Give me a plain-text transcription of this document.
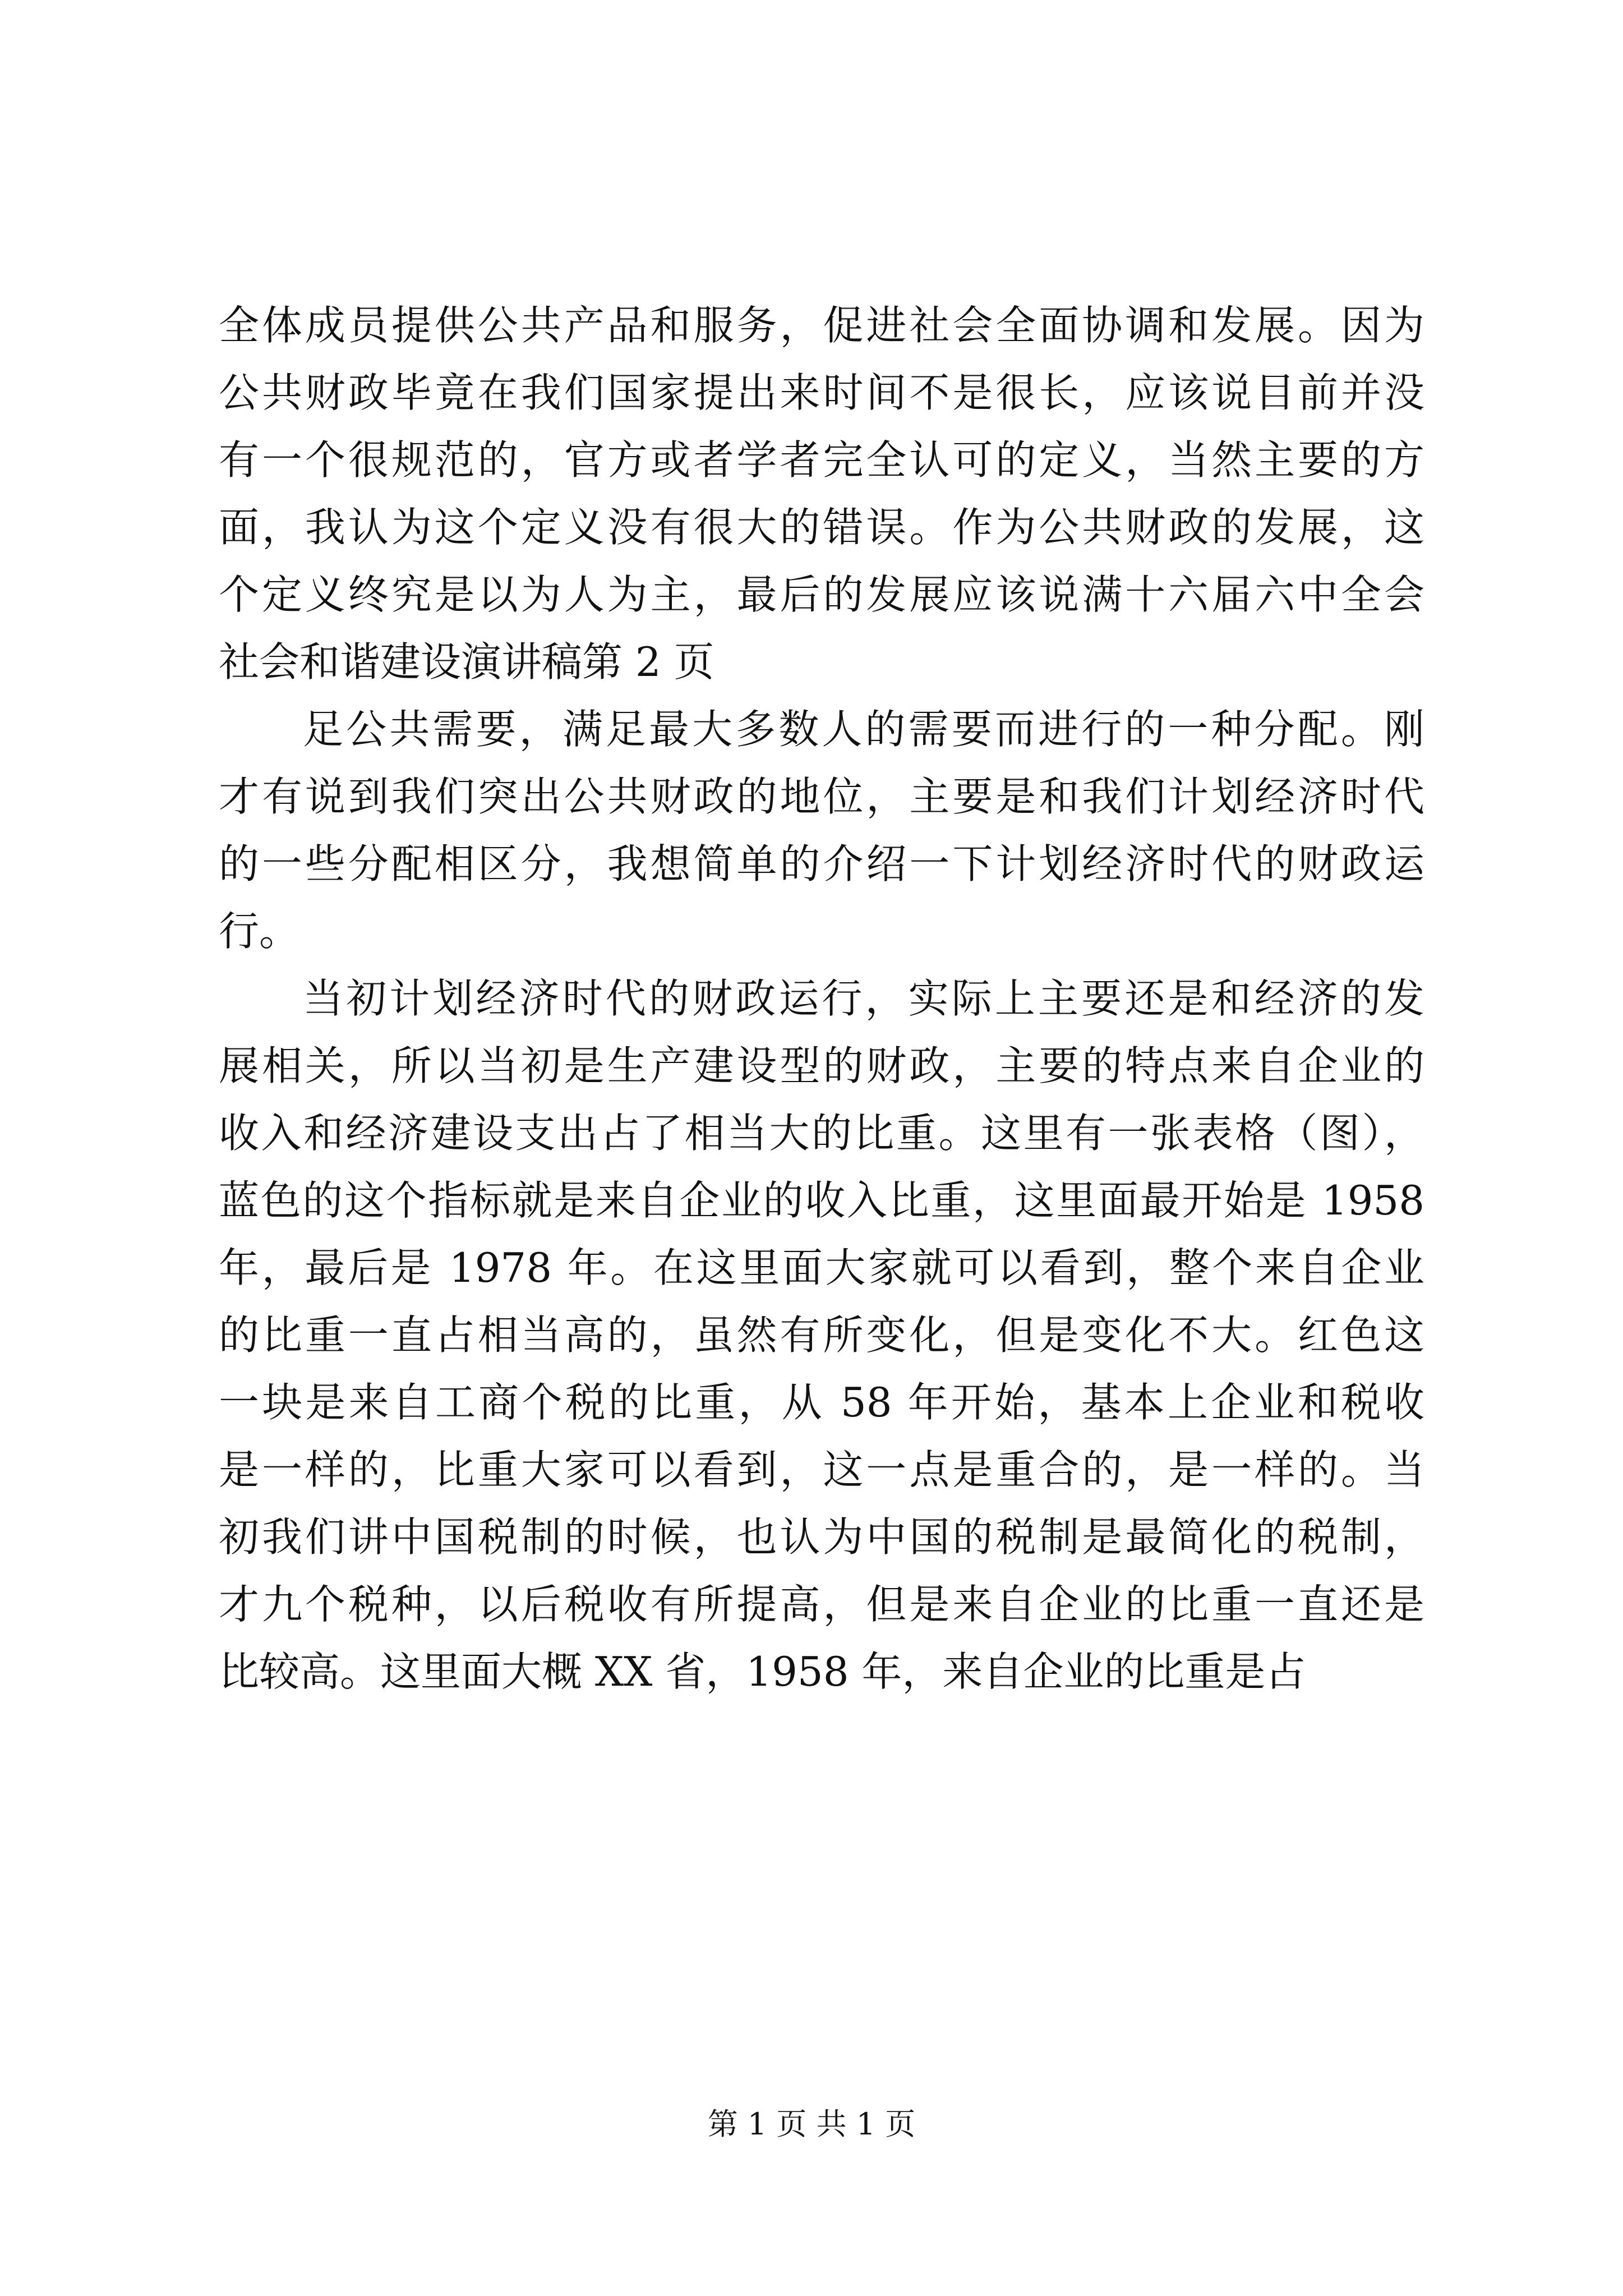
全体成员提供公共产品和服务，促进社会全面协调和发展。因为
公共财政毕竟在我们国家提出来时间不是很长，应该说目前并没
有一个很规范的，官方或者学者完全认可的定义，当然主要的方
面，我认为这个定义没有很大的错误。作为公共财政的发展，这
个定义终究是以为人为主，最后的发展应该说满十六届六中全会
社会和谐建设演讲稿第 2 页
足公共需要，满足最大多数人的需要而进行的一种分配。刚
才有说到我们突出公共财政的地位，主要是和我们计划经济时代
的一些分配相区分，我想简单的介绍一下计划经济时代的财政运
行。
当初计划经济时代的财政运行，实际上主要还是和经济的发
展相关，所以当初是生产建设型的财政，主要的特点来自企业的
收入和经济建设支出占了相当大的比重。这里有一张表格（图），
蓝色的这个指标就是来自企业的收入比重，这里面最开始是 1958
年，最后是 1978 年。在这里面大家就可以看到，整个来自企业
的比重一直占相当高的，虽然有所变化，但是变化不大。红色这
一块是来自工商个税的比重，从 58 年开始，基本上企业和税收
是一样的，比重大家可以看到，这一点是重合的，是一样的。当
初我们讲中国税制的时候，也认为中国的税制是最简化的税制，
才九个税种，以后税收有所提高，但是来自企业的比重一直还是
比较高。这里面大概 XX 省，1958 年，来自企业的比重是占
第 1 页 共 1 页
